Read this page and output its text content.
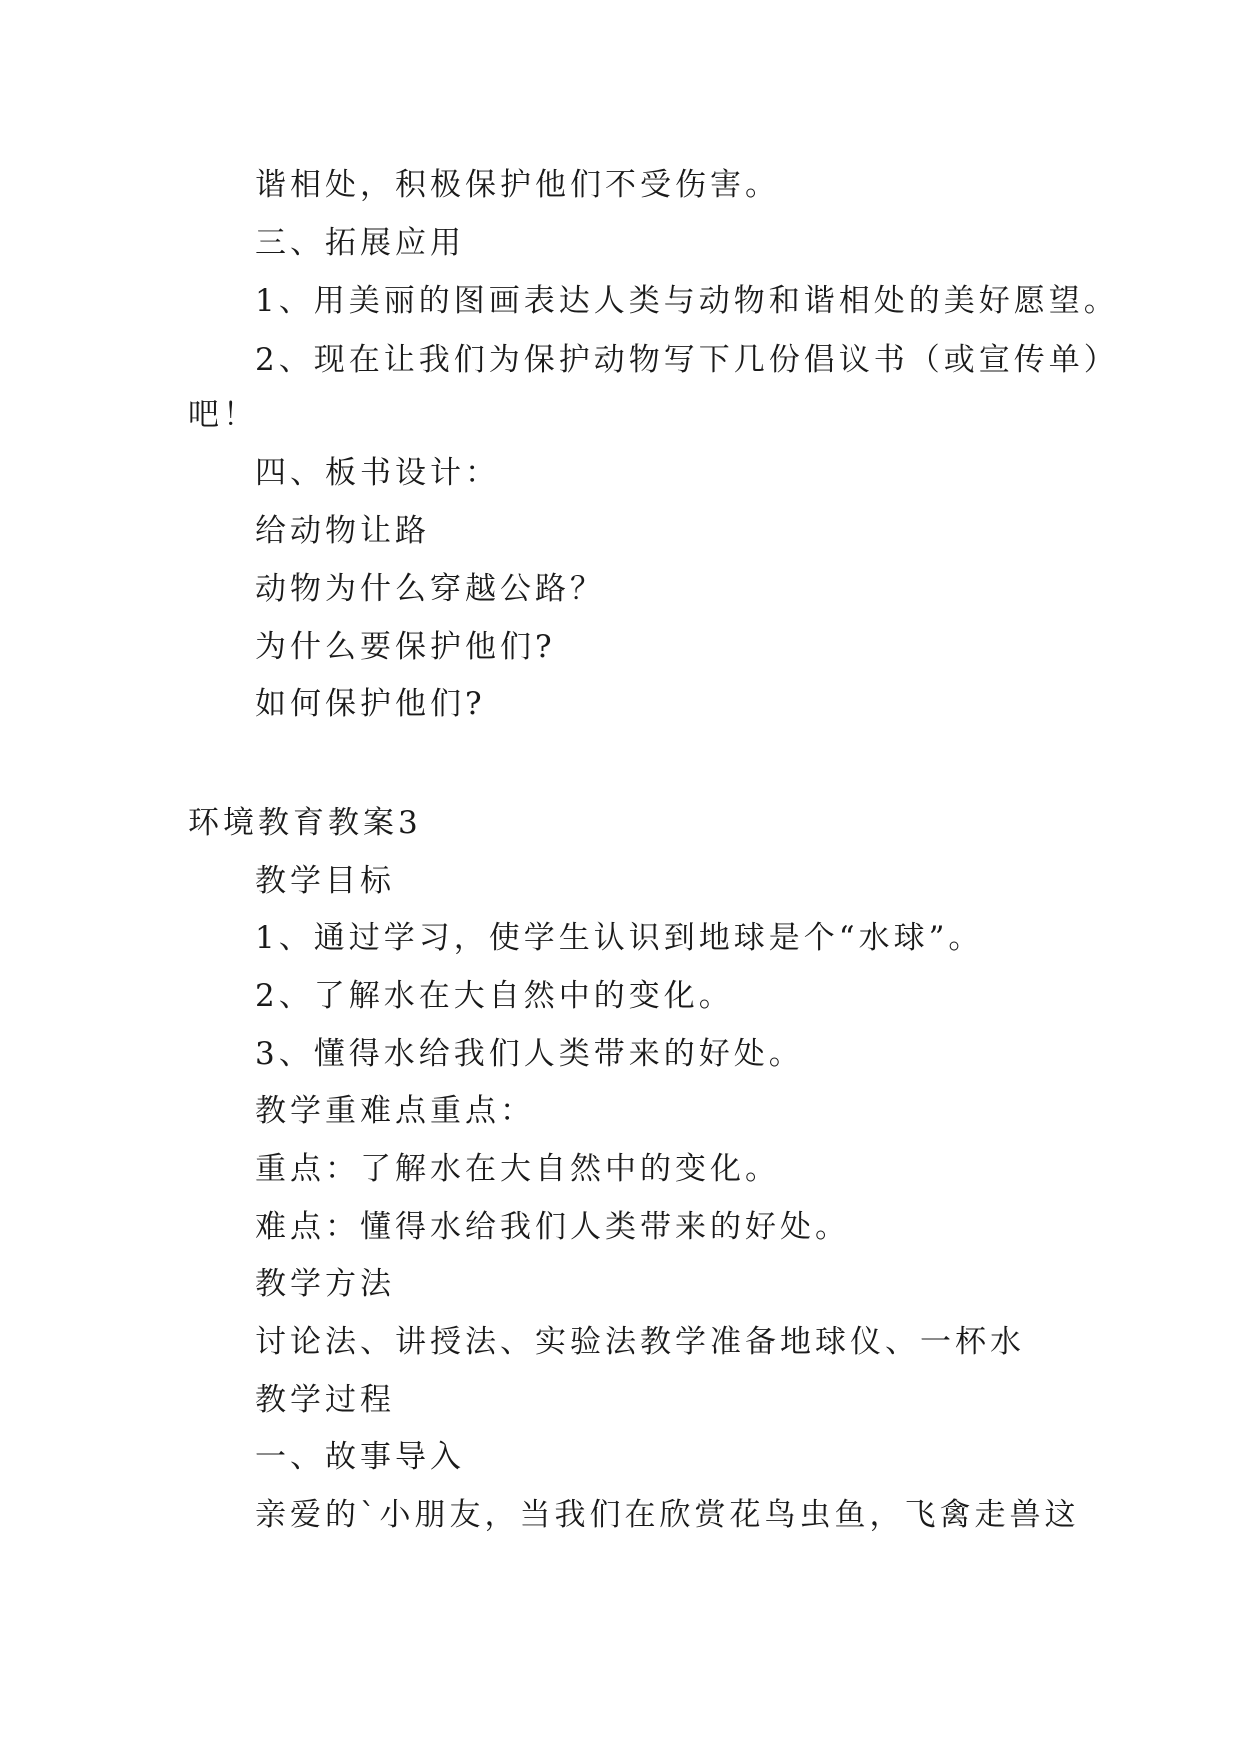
谐相处，积极保护他们不受伤害。
三、拓展应用
1、用美丽的图画表达人类与动物和谐相处的美好愿望。
2、现在让我们为保护动物写下几份倡议书（或宣传单）
吧！
四、板书设计：
给动物让路
动物为什么穿越公路？
为什么要保护他们?
如何保护他们?
环境教育教案3
教学目标
1、通过学习，使学生认识到地球是个“水球”。
2、了解水在大自然中的变化。
3、懂得水给我们人类带来的好处。
教学重难点重点：
重点：了解水在大自然中的变化。
难点：懂得水给我们人类带来的好处。
教学方法
讨论法、讲授法、实验法教学准备地球仪、一杯水
教学过程
一、故事导入
亲爱的`小朋友，当我们在欣赏花鸟虫鱼，飞禽走兽这
